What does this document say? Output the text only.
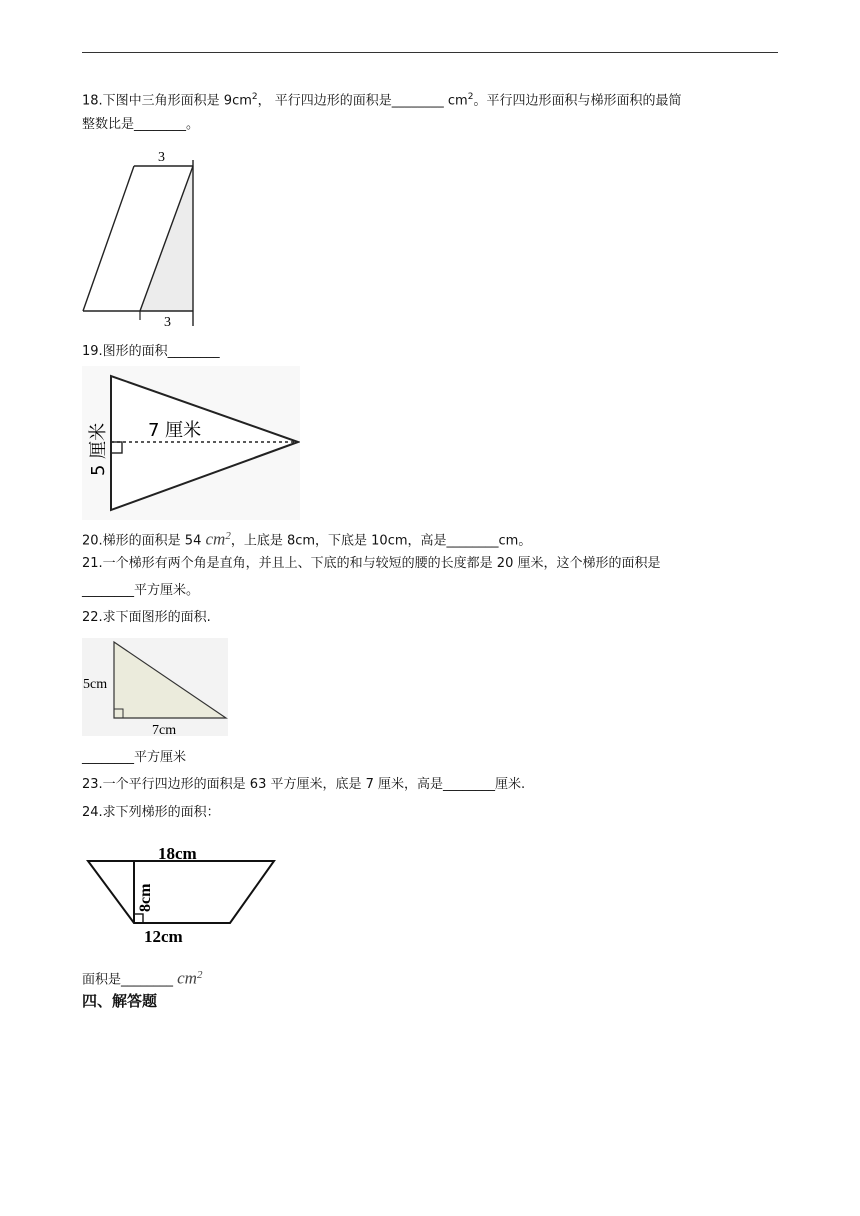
18.下图中三角形面积是 $9cm^2$， 平行四边形的面积是________ $cm^2$。平行四边形面积与梯形面积的最简
整数比是________。
3
3
19.图形的面积________
7 厘米
5 厘米
20.梯形的面积是 54 $cm^2$，上底是 8cm，下底是 10cm，高是________cm。
21.一个梯形有两个角是直角，并且上、下底的和与较短的腰的长度都是 20 厘米，这个梯形的面积是
________平方厘米。
22.求下面图形的面积.
5cm
7cm
________平方厘米
23.一个平行四边形的面积是 63 平方厘米，底是 7 厘米，高是________厘米.
24.求下列梯形的面积：
18cm
8cm
12cm
面积是________ $cm^2$
四、解答题
